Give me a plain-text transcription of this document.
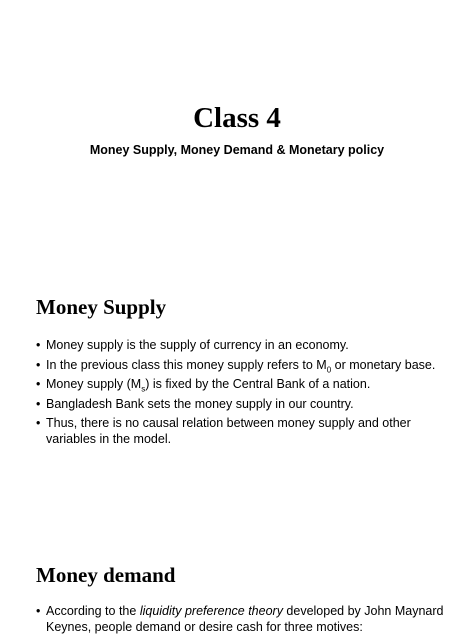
Class 4
Money Supply, Money Demand & Monetary policy
Money Supply
• Money supply is the supply of currency in an economy.
• In the previous class this money supply refers to $M_0$ or monetary base.
• Money supply $(M_s)$ is fixed by the Central Bank of a nation.
• Bangladesh Bank sets the money supply in our country.
• Thus, there is no causal relation between money supply and other variables in the model.
Money demand
• According to the liquidity preference theory developed by John Maynard Keynes, people demand or desire cash for three motives:
